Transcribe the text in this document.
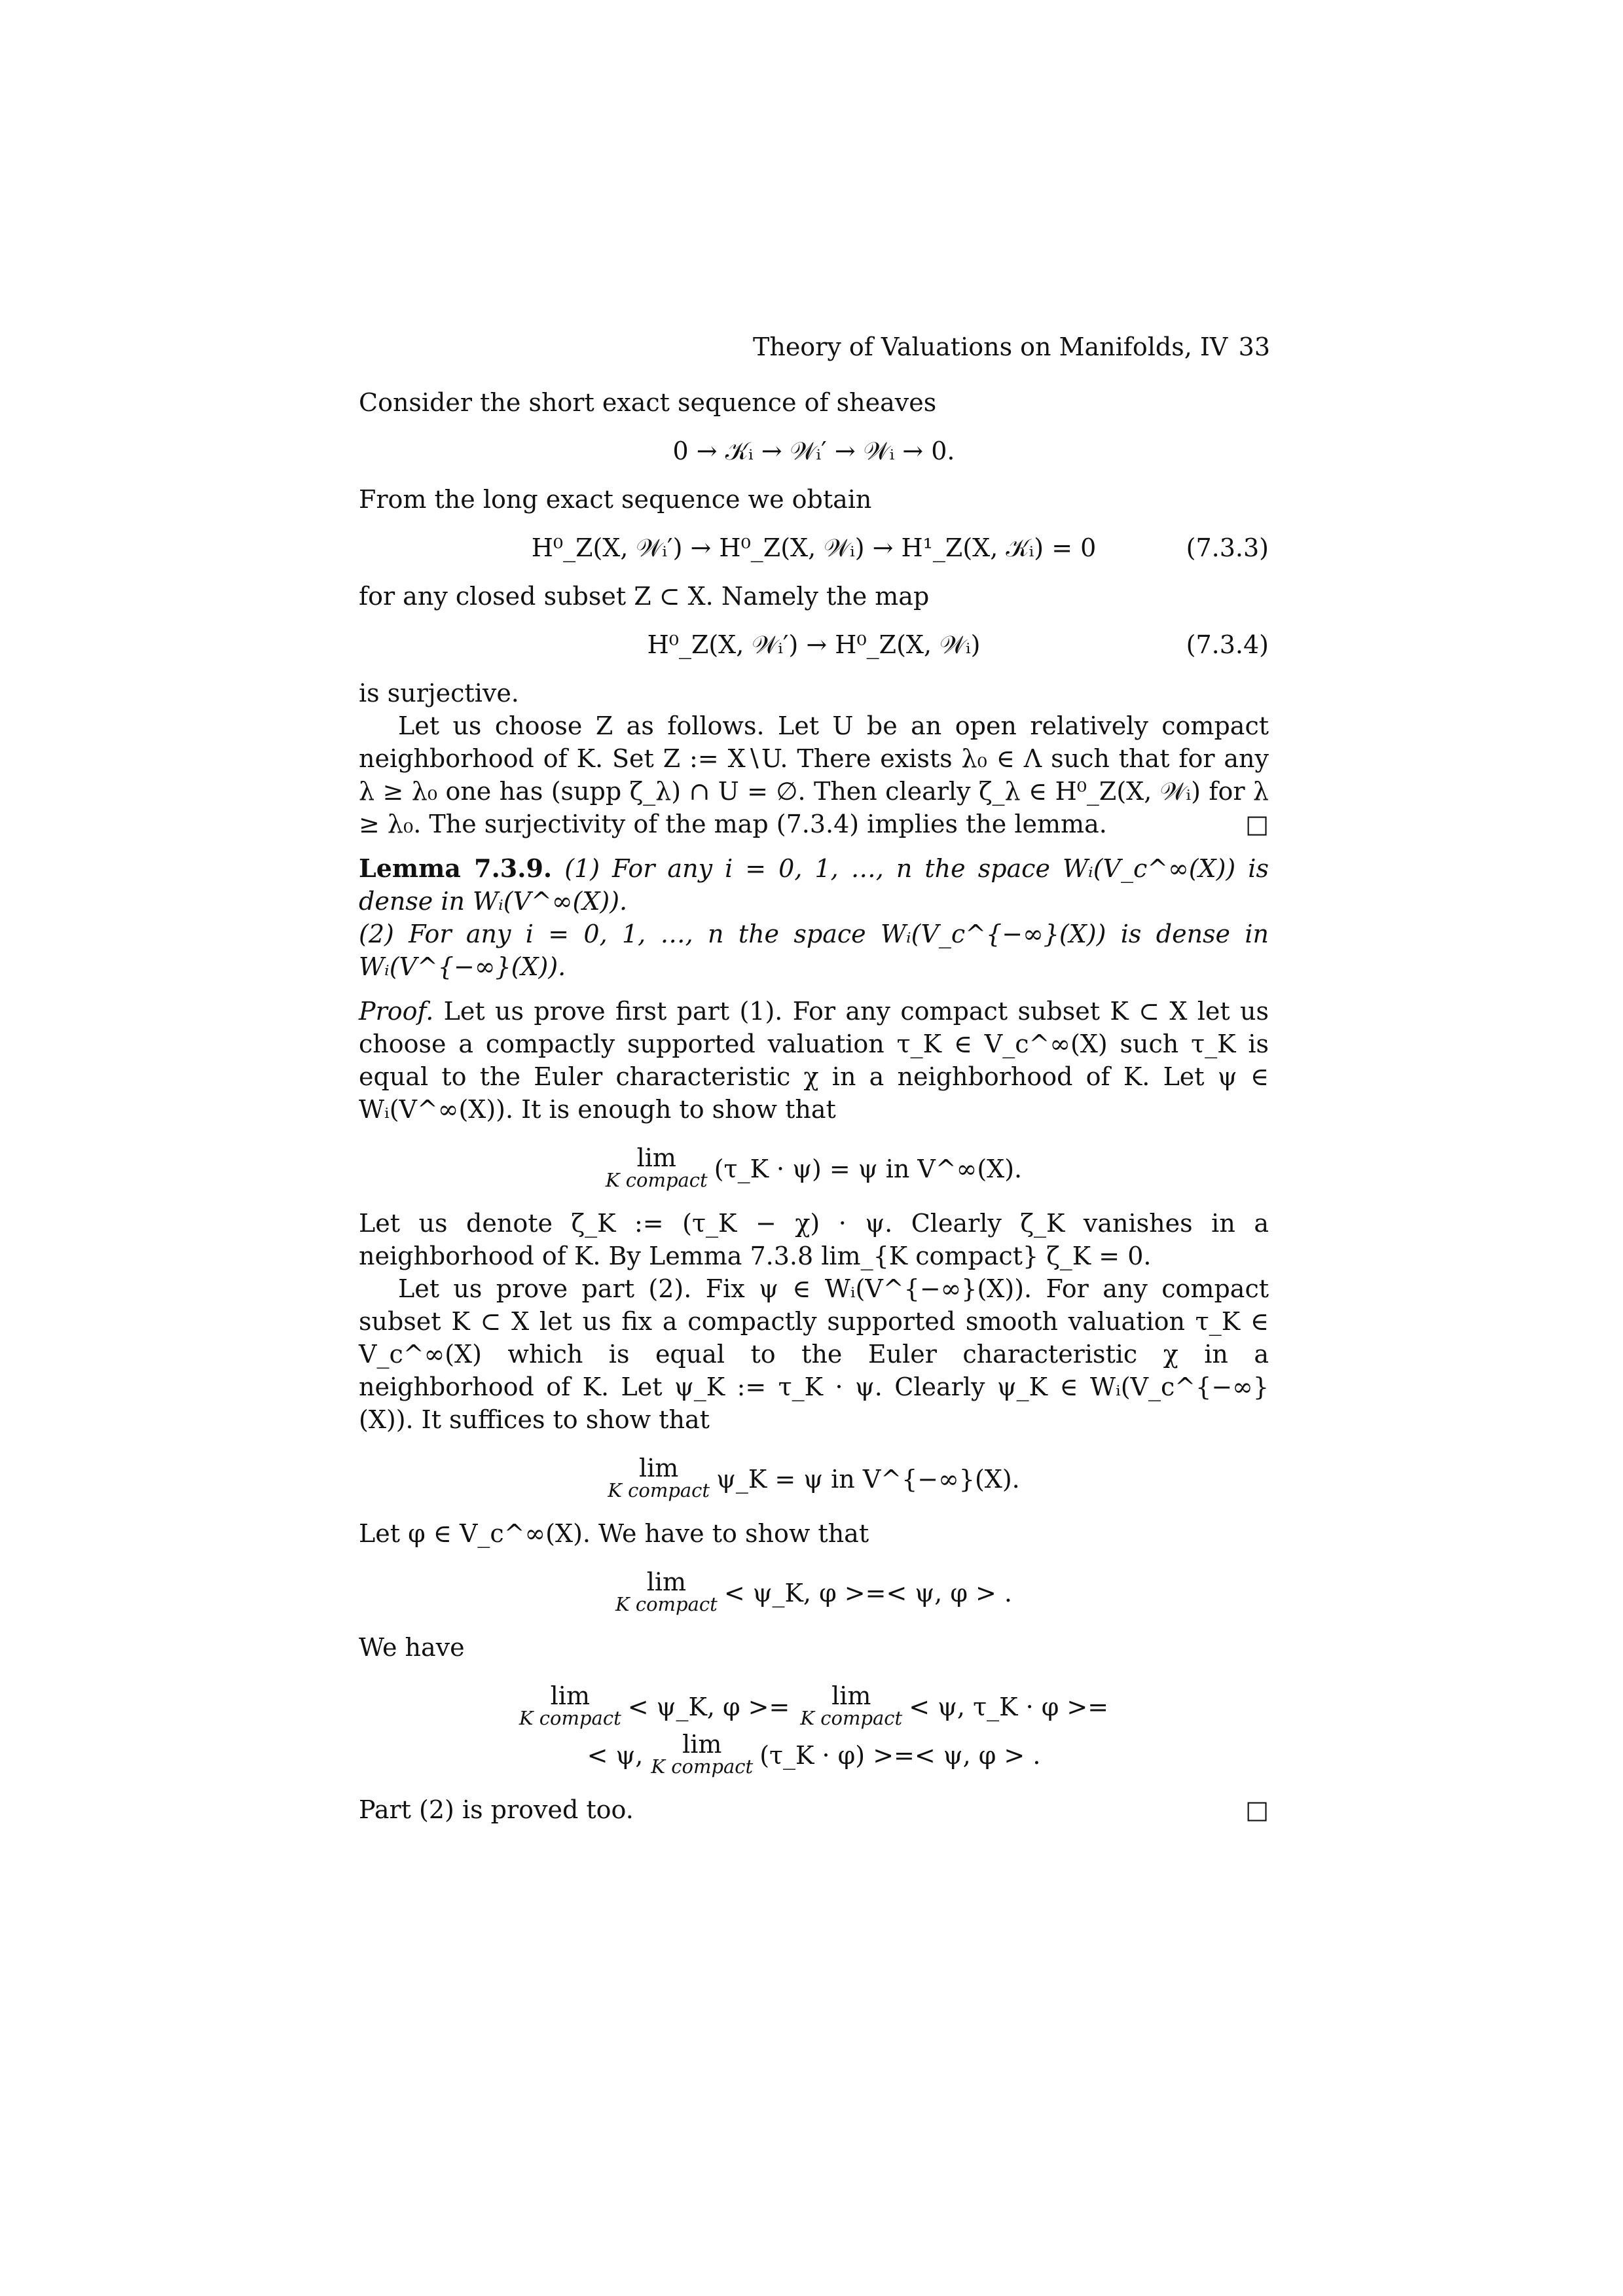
Theory of Valuations on Manifolds, IV 33

Consider the short exact sequence of sheaves

0 → 𝒦ᵢ → 𝒲ᵢ′ → 𝒲ᵢ → 0.

From the long exact sequence we obtain

H⁰_Z(X, 𝒲ᵢ′) → H⁰_Z(X, 𝒲ᵢ) → H¹_Z(X, 𝒦ᵢ) = 0	(7.3.3)

for any closed subset Z ⊂ X. Namely the map

H⁰_Z(X, 𝒲ᵢ′) → H⁰_Z(X, 𝒲ᵢ)	(7.3.4)

is surjective.

Let us choose Z as follows. Let U be an open relatively compact neighborhood of K. Set Z := X∖U. There exists λ₀ ∈ Λ such that for any λ ≥ λ₀ one has (supp ζ_λ) ∩ U = ∅. Then clearly ζ_λ ∈ H⁰_Z(X, 𝒲ᵢ) for λ ≥ λ₀. The surjectivity of the map (7.3.4) implies the lemma.	□

Lemma 7.3.9. (1) For any i = 0, 1, …, n the space Wᵢ(V_c^∞(X)) is dense in Wᵢ(V^∞(X)).

(2) For any i = 0, 1, …, n the space Wᵢ(V_c^{−∞}(X)) is dense in Wᵢ(V^{−∞}(X)).

Proof. Let us prove first part (1). For any compact subset K ⊂ X let us choose a compactly supported valuation τ_K ∈ V_c^∞(X) such τ_K is equal to the Euler characteristic χ in a neighborhood of K. Let ψ ∈ Wᵢ(V^∞(X)). It is enough to show that

lim
K compact (τ_K · ψ) = ψ in V^∞(X).

Let us denote ζ_K := (τ_K − χ) · ψ. Clearly ζ_K vanishes in a neighborhood of K. By Lemma 7.3.8 lim_{K compact} ζ_K = 0.

Let us prove part (2). Fix ψ ∈ Wᵢ(V^{−∞}(X)). For any compact subset K ⊂ X let us fix a compactly supported smooth valuation τ_K ∈ V_c^∞(X) which is equal to the Euler characteristic χ in a neighborhood of K. Let ψ_K := τ_K · ψ. Clearly ψ_K ∈ Wᵢ(V_c^{−∞}(X)). It suffices to show that

lim
K compact ψ_K = ψ in V^{−∞}(X).

Let φ ∈ V_c^∞(X). We have to show that

lim
K compact < ψ_K, φ >=< ψ, φ > .

We have

lim
K compact < ψ_K, φ >=	lim
K compact < ψ, τ_K · φ >=

< ψ,	lim
K compact (τ_K · φ) >=< ψ, φ > .

Part (2) is proved too.	□
